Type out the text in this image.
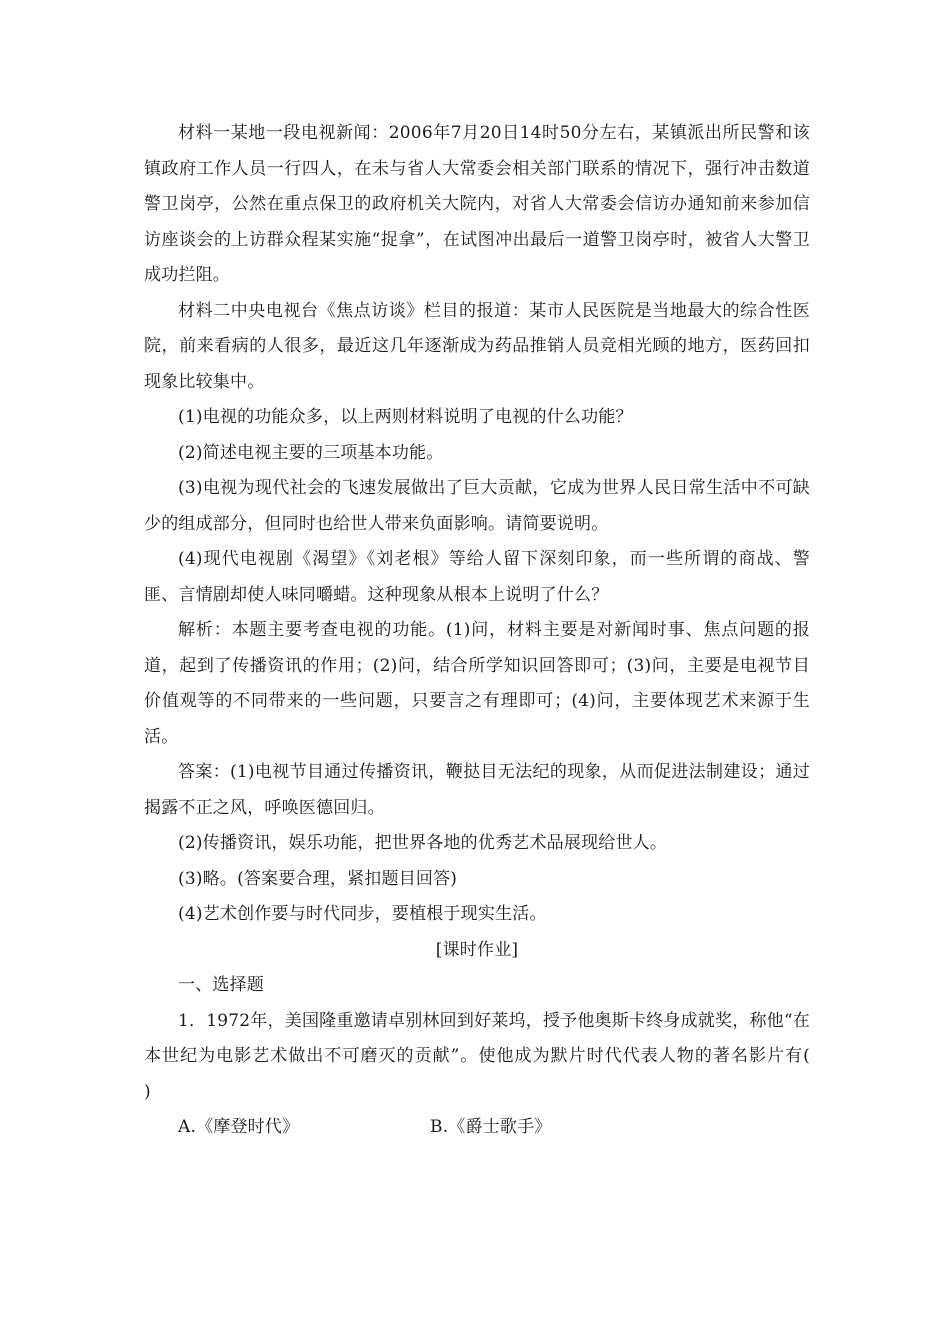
材料一某地一段电视新闻：2006年7月20日14时50分左右，某镇派出所民警和该镇政府工作人员一行四人，在未与省人大常委会相关部门联系的情况下，强行冲击数道警卫岗亭，公然在重点保卫的政府机关大院内，对省人大常委会信访办通知前来参加信访座谈会的上访群众程某实施“捉拿”，在试图冲出最后一道警卫岗亭时，被省人大警卫成功拦阻。

材料二中央电视台《焦点访谈》栏目的报道：某市人民医院是当地最大的综合性医院，前来看病的人很多，最近这几年逐渐成为药品推销人员竞相光顾的地方，医药回扣现象比较集中。

(1)电视的功能众多，以上两则材料说明了电视的什么功能？

(2)简述电视主要的三项基本功能。

(3)电视为现代社会的飞速发展做出了巨大贡献，它成为世界人民日常生活中不可缺少的组成部分，但同时也给世人带来负面影响。请简要说明。

(4)现代电视剧《渴望》《刘老根》等给人留下深刻印象，而一些所谓的商战、警匪、言情剧却使人味同嚼蜡。这种现象从根本上说明了什么？

解析：本题主要考查电视的功能。(1)问，材料主要是对新闻时事、焦点问题的报道，起到了传播资讯的作用；(2)问，结合所学知识回答即可；(3)问，主要是电视节目价值观等的不同带来的一些问题，只要言之有理即可；(4)问，主要体现艺术来源于生活。

答案：(1)电视节目通过传播资讯，鞭挞目无法纪的现象，从而促进法制建设；通过揭露不正之风，呼唤医德回归。

(2)传播资讯，娱乐功能，把世界各地的优秀艺术品展现给世人。

(3)略。(答案要合理，紧扣题目回答)

(4)艺术创作要与时代同步，要植根于现实生活。

[课时作业]

一、选择题

1．1972年，美国隆重邀请卓别林回到好莱坞，授予他奥斯卡终身成就奖，称他“在本世纪为电影艺术做出不可磨灭的贡献”。使他成为默片时代代表人物的著名影片有(　　)

A.《摩登时代》	B.《爵士歌手》
